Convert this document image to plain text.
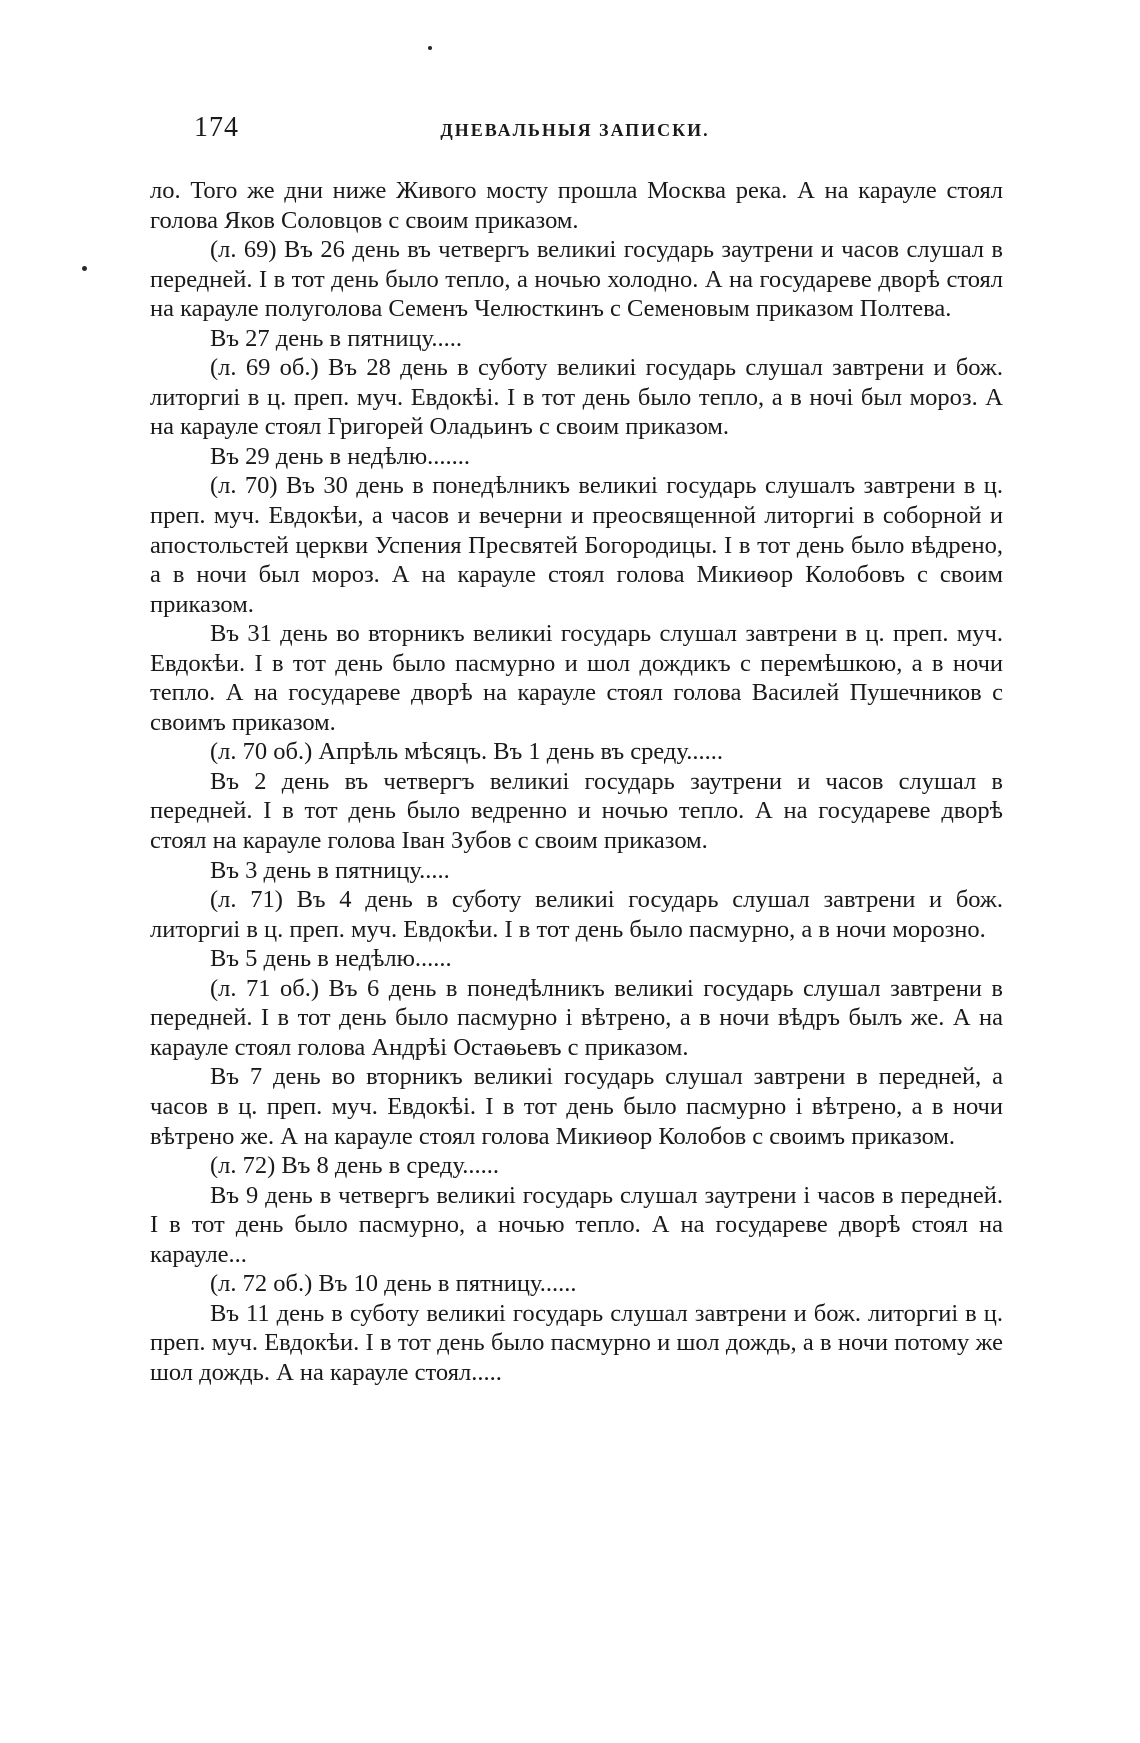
174	ДНЕВАЛЬНЫЯ ЗАПИСКИ.

ло. Того же дни ниже Живого мосту прошла Москва река. А на карауле стоял голова Яков Соловцов с своим приказом.

(л. 69) Въ 26 день въ четвергъ великиі государь заутрени и часов слушал в передней. І в тот день было тепло, а ночью холодно. А на государеве дворѣ стоял на карауле полуголова Семенъ Челюсткинъ с Семеновым приказом Полтева.

Въ 27 день в пятницу.....

(л. 69 об.) Въ 28 день в суботу великиі государь слушал завтрени и бож. литоргиі в ц. преп. муч. Евдокѣі. І в тот день было тепло, а в ночі был мороз. А на карауле стоял Григорей Оладьинъ с своим приказом.

Въ 29 день в недѣлю.......

(л. 70) Въ 30 день в понедѣлникъ великиі государь слушалъ завтрени в ц. преп. муч. Евдокѣи, а часов и вечерни и преосвященной литоргиі в соборной и апостольстей церкви Успения Пресвятей Богородицы. І в тот день было вѣдрено, а в ночи был мороз. А на карауле стоял голова Микиѳор Колобовъ с своим приказом.

Въ 31 день во вторникъ великиі государь слушал завтрени в ц. преп. муч. Евдокѣи. І в тот день было пасмурно и шол дождикъ с перемѣшкою, а в ночи тепло. А на государеве дворѣ на карауле стоял голова Василей Пушечников с своимъ приказом.

(л. 70 об.) Апрѣль мѣсяцъ. Въ 1 день въ среду......

Въ 2 день въ четвергъ великиі государь заутрени и часов слушал в передней. І в тот день было ведренно и ночью тепло. А на государеве дворѣ стоял на карауле голова Іван Зубов с своим приказом.

Въ 3 день в пятницу.....

(л. 71) Въ 4 день в суботу великиі государь слушал завтрени и бож. литоргиі в ц. преп. муч. Евдокѣи. І в тот день было пасмурно, а в ночи морозно.

Въ 5 день в недѣлю......

(л. 71 об.) Въ 6 день в понедѣлникъ великиі государь слушал завтрени в передней. І в тот день было пасмурно і вѣтрено, а в ночи вѣдръ былъ же. А на карауле стоял голова Андрѣі Остаѳьевъ с приказом.

Въ 7 день во вторникъ великиі государь слушал завтрени в передней, а часов в ц. преп. муч. Евдокѣі. І в тот день было пасмурно і вѣтрено, а в ночи вѣтрено же. А на карауле стоял голова Микиѳор Колобов с своимъ приказом.

(л. 72) Въ 8 день в среду......

Въ 9 день в четвергъ великиі государь слушал заутрени і часов в передней. І в тот день было пасмурно, а ночью тепло. А на государеве дворѣ стоял на карауле...

(л. 72 об.) Въ 10 день в пятницу......

Въ 11 день в суботу великиі государь слушал завтрени и бож. литоргиі в ц. преп. муч. Евдокѣи. І в тот день было пасмурно и шол дождь, а в ночи потому же шол дождь. А на карауле стоял.....
